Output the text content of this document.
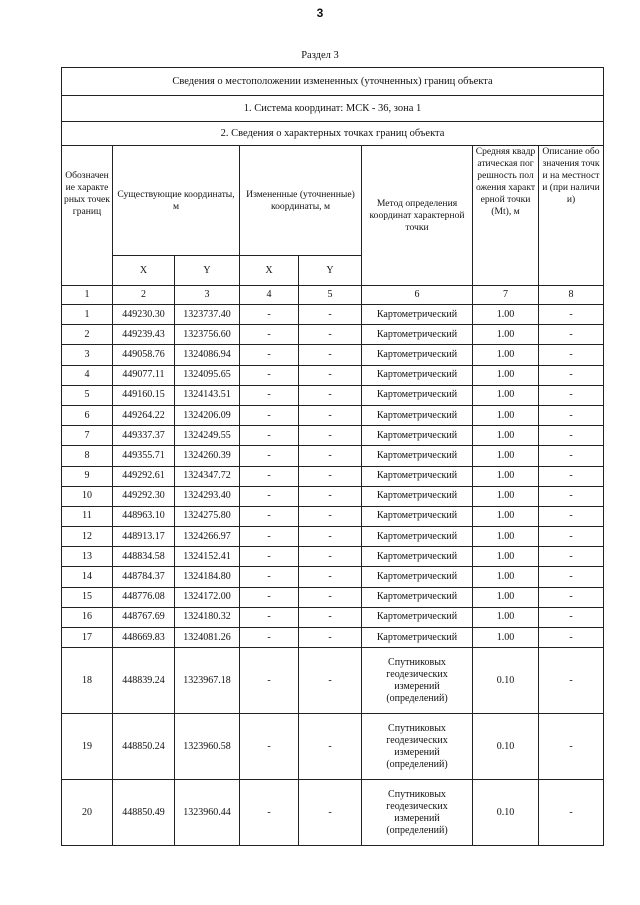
3
Раздел 3
Сведения о местоположении измененных (уточненных) границ объекта							
1. Система координат: МСК - 36, зона 1							
2. Сведения о характерных точках границ объекта							
Обозначение характерных точек границ	Существующие координаты, м		Измененные (уточненные) координаты, м		Метод определения координат характерной точки	Средняя квадратическая погрешность положения характерной точки (Mt), м	Описание обозначения точки на местности (при наличии)
	X	Y	X	Y			
1	2	3	4	5	6	7	8
1	449230.30	1323737.40	-	-	Картометрический	1.00	-
2	449239.43	1323756.60	-	-	Картометрический	1.00	-
3	449058.76	1324086.94	-	-	Картометрический	1.00	-
4	449077.11	1324095.65	-	-	Картометрический	1.00	-
5	449160.15	1324143.51	-	-	Картометрический	1.00	-
6	449264.22	1324206.09	-	-	Картометрический	1.00	-
7	449337.37	1324249.55	-	-	Картометрический	1.00	-
8	449355.71	1324260.39	-	-	Картометрический	1.00	-
9	449292.61	1324347.72	-	-	Картометрический	1.00	-
10	449292.30	1324293.40	-	-	Картометрический	1.00	-
11	448963.10	1324275.80	-	-	Картометрический	1.00	-
12	448913.17	1324266.97	-	-	Картометрический	1.00	-
13	448834.58	1324152.41	-	-	Картометрический	1.00	-
14	448784.37	1324184.80	-	-	Картометрический	1.00	-
15	448776.08	1324172.00	-	-	Картометрический	1.00	-
16	448767.69	1324180.32	-	-	Картометрический	1.00	-
17	448669.83	1324081.26	-	-	Картометрический	1.00	-
18	448839.24	1323967.18	-	-	Спутниковых геодезических измерений (определений)	0.10	-
19	448850.24	1323960.58	-	-	Спутниковых геодезических измерений (определений)	0.10	-
20	448850.49	1323960.44	-	-	Спутниковых геодезических измерений (определений)	0.10	-
